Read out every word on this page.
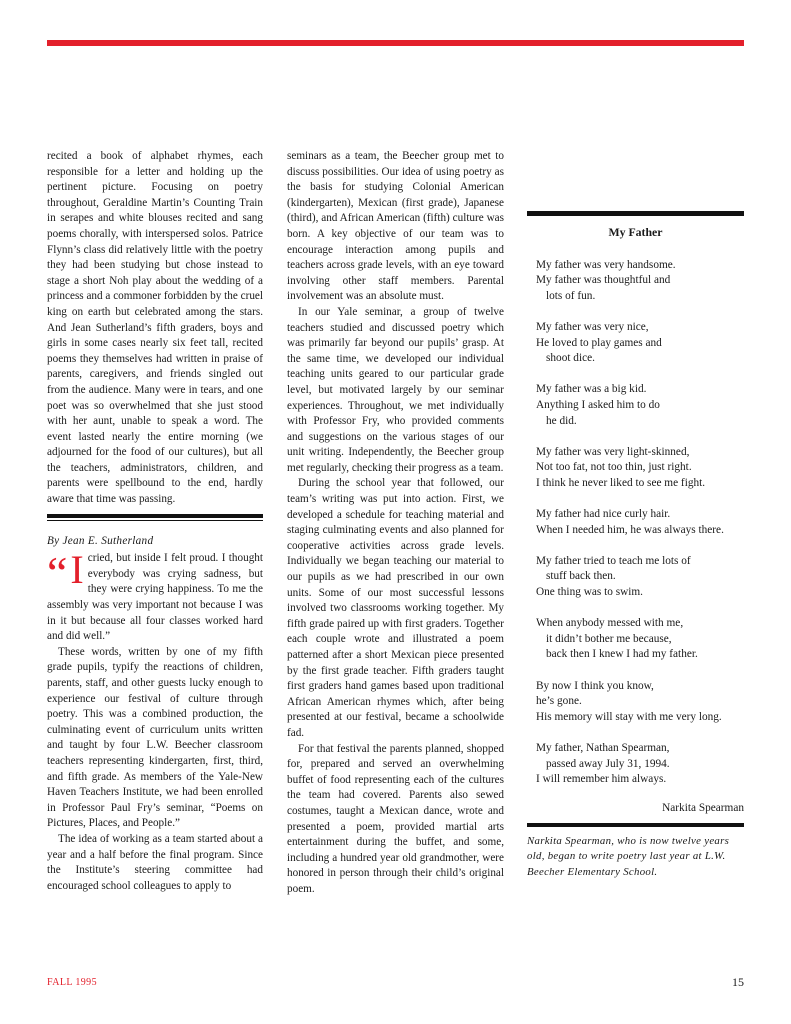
recited a book of alphabet rhymes, each responsible for a letter and holding up the pertinent picture. Focusing on poetry throughout, Geraldine Martin’s Counting Train in serapes and white blouses recited and sang poems chorally, with interspersed solos. Patrice Flynn’s class did relatively little with the poetry they had been studying but chose instead to stage a short Noh play about the wedding of a princess and a commoner forbidden by the cruel king on earth but celebrated among the stars. And Jean Sutherland’s fifth graders, boys and girls in some cases nearly six feet tall, recited poems they themselves had written in praise of parents, caregivers, and friends singled out from the audience. Many were in tears, and one poet was so overwhelmed that she just stood with her aunt, unable to speak a word. The event lasted nearly the entire morning (we adjourned for the food of our cultures), but all the teachers, administrators, children, and parents were spellbound to the end, hardly aware that time was passing.

By Jean E. Sutherland

“ I cried, but inside I felt proud. I thought everybody was crying sadness, but they were crying happiness. To me the assembly was very important not because I was in it but because all four classes worked hard and did well.”

These words, written by one of my fifth grade pupils, typify the reactions of children, parents, staff, and other guests lucky enough to experience our festival of culture through poetry. This was a combined production, the culminating event of curriculum units written and taught by four L.W. Beecher classroom teachers representing kindergarten, first, third, and fifth grade. As members of the Yale-New Haven Teachers Institute, we had been enrolled in Professor Paul Fry’s seminar, “Poems on Pictures, Places, and People.”

The idea of working as a team started about a year and a half before the final program. Since the Institute’s steering committee had encouraged school colleagues to apply to

seminars as a team, the Beecher group met to discuss possibilities. Our idea of using poetry as the basis for studying Colonial American (kindergarten), Mexican (first grade), Japanese (third), and African American (fifth) culture was born. A key objective of our team was to encourage interaction among pupils and teachers across grade levels, with an eye toward involving other staff members. Parental involvement was an absolute must.

In our Yale seminar, a group of twelve teachers studied and discussed poetry which was primarily far beyond our pupils’ grasp. At the same time, we developed our individual teaching units geared to our particular grade level, but motivated largely by our seminar experiences. Throughout, we met individually with Professor Fry, who provided comments and suggestions on the various stages of our unit writing. Independently, the Beecher group met regularly, checking their progress as a team.

During the school year that followed, our team’s writing was put into action. First, we developed a schedule for teaching material and staging culminating events and also planned for cooperative activities across grade levels. Individually we began teaching our material to our pupils as we had prescribed in our own units. Some of our most successful lessons involved two classrooms working together. My fifth grade paired up with first graders. Together each couple wrote and illustrated a poem patterned after a short Mexican piece presented by the first grade teacher. Fifth graders taught first graders hand games based upon traditional African American rhymes which, after being presented at our festival, became a schoolwide fad.

For that festival the parents planned, shopped for, prepared and served an overwhelming buffet of food representing each of the cultures the team had covered. Parents also sewed costumes, taught a Mexican dance, wrote and presented a poem, provided martial arts entertainment during the buffet, and some, including a hundred year old grandmother, were honored in person through their child’s original poem.

My Father
My father was very handsome.
My father was thoughtful and
lots of fun.
My father was very nice,
He loved to play games and
shoot dice.
My father was a big kid.
Anything I asked him to do
he did.
My father was very light-skinned,
Not too fat, not too thin, just right.
I think he never liked to see me fight.
My father had nice curly hair.
When I needed him, he was always there.
My father tried to teach me lots of
stuff back then.
One thing was to swim.
When anybody messed with me,
it didn’t bother me because,
back then I knew I had my father.
By now I think you know,
he’s gone.
His memory will stay with me very long.
My father, Nathan Spearman,
passed away July 31, 1994.
I will remember him always.
Narkita Spearman
Narkita Spearman, who is now twelve years old, began to write poetry last year at L.W. Beecher Elementary School.
FALL 1995	15
